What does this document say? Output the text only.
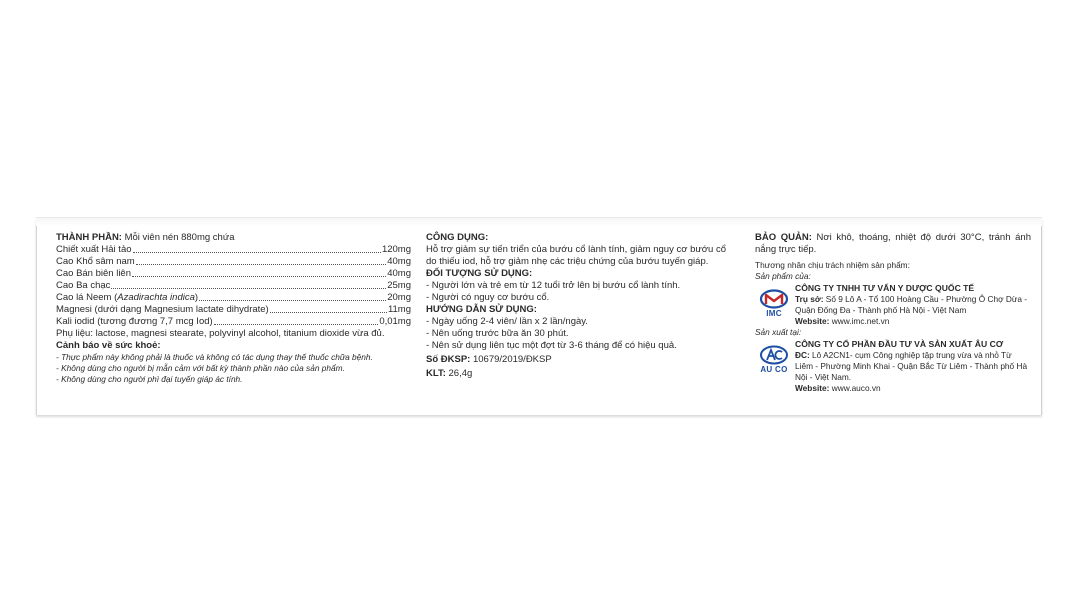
THÀNH PHẦN: Mỗi viên nén 880mg chứa
Chiết xuất Hải tảo	120mg
Cao Khổ sâm nam	40mg
Cao Bán biên liên	40mg
Cao Ba chạc	25mg
Cao lá Neem (Azadirachta indica)	20mg
Magnesi (dưới dạng Magnesium lactate dihydrate)	11mg
Kali iodid (tương đương 7,7 mcg Iod)	0,01mg
Phụ liệu: lactose, magnesi stearate, polyvinyl alcohol, titanium dioxide vừa đủ.
Cảnh báo về sức khoẻ:
- Thực phẩm này không phải là thuốc và không có tác dụng thay thế thuốc chữa bệnh.
- Không dùng cho người bị mẫn cảm với bất kỳ thành phần nào của sản phẩm.
- Không dùng cho người phì đại tuyến giáp ác tính.
CÔNG DỤNG:
Hỗ trợ giảm sự tiến triển của bướu cổ lành tính, giảm nguy cơ bướu cổ do thiếu iod, hỗ trợ giảm nhẹ các triệu chứng của bướu tuyến giáp.
ĐỐI TƯỢNG SỬ DỤNG:
- Người lớn và trẻ em từ 12 tuổi trở lên bị bướu cổ lành tính.
- Người có nguy cơ bướu cổ.
HƯỚNG DẪN SỬ DỤNG:
- Ngày uống 2-4 viên/ lần x 2 lần/ngày.
- Nên uống trước bữa ăn 30 phút.
- Nên sử dụng liên tục một đợt từ 3-6 tháng để có hiệu quả.
Số ĐKSP: 10679/2019/ĐKSP
KLT: 26,4g
BẢO QUẢN: Nơi khô, thoáng, nhiệt độ dưới 30°C, tránh ánh nắng trực tiếp.
Thương nhân chịu trách nhiệm sản phẩm:
Sản phẩm của:
IMC
CÔNG TY TNHH TƯ VẤN Y DƯỢC QUỐC TẾ
Trụ sở: Số 9 Lô A - Tổ 100 Hoàng Cầu - Phường Ô Chợ Dừa - Quận Đống Đa - Thành phố Hà Nội - Việt Nam
Website: www.imc.net.vn
Sản xuất tại:
AU CO
CÔNG TY CỔ PHẦN ĐẦU TƯ VÀ SẢN XUẤT ÂU CƠ
ĐC: Lô A2CN1- cụm Công nghiệp tập trung vừa và nhỏ Từ Liêm - Phường Minh Khai - Quận Bắc Từ Liêm - Thành phố Hà Nội - Việt Nam.
Website: www.auco.vn
